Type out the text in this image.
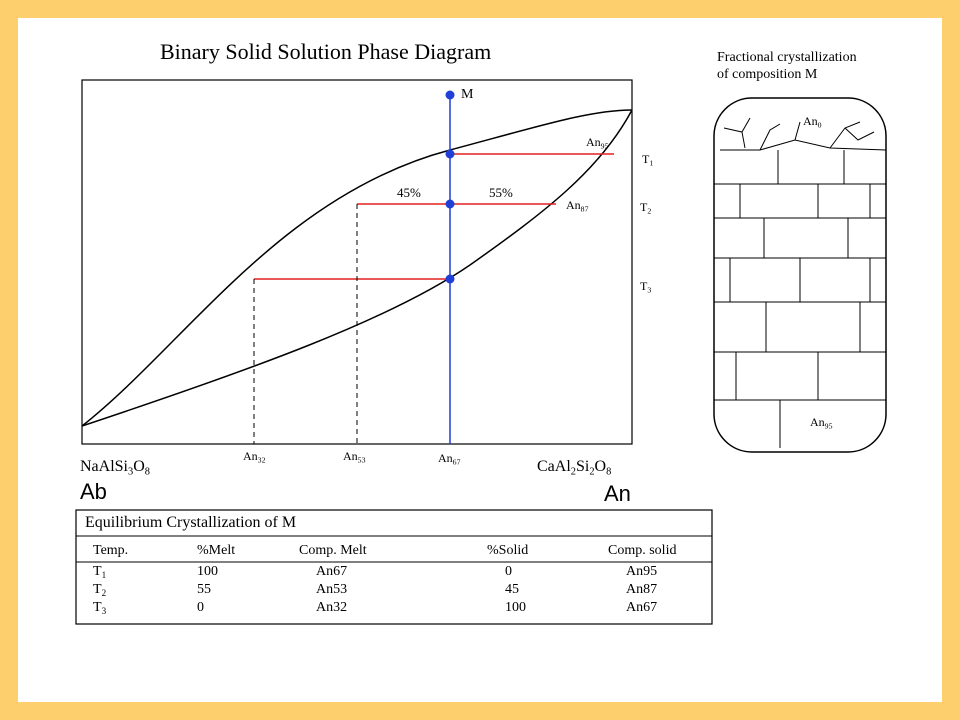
Binary Solid Solution Phase Diagram
M
$An_{95}$
$An_{87}$
$T_1$
$T_2$
$T_3$
45%	55%
$An_{32}$	$An_{53}$	$An_{67}$
$NaAlSi_3O_8$
Ab
$CaAl_2Si_2O_8$
An
Fractional crystallization
of composition M
$An_0$
$An_{95}$
Equilibrium Crystallization of M
Temp.	%Melt	Comp. Melt	%Solid	Comp. solid
$T_1$	100	An67	0	An95
$T_2$	55	An53	45	An87
$T_3$	0	An32	100	An67
